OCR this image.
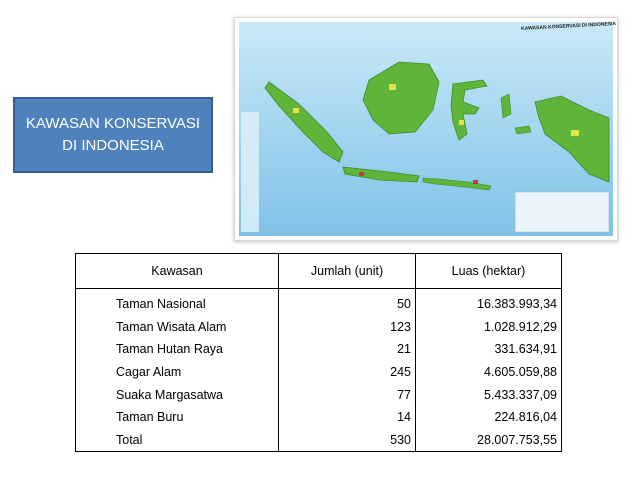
KAWASAN KONSERVASI
DI INDONESIA
KAWASAN KONSERVASI DI INDONESIA
Kawasan	Jumlah (unit)	Luas (hektar)
Taman Nasional	50	16.383.993,34
Taman Wisata Alam	123	1.028.912,29
Taman Hutan Raya	21	331.634,91
Cagar Alam	245	4.605.059,88
Suaka Margasatwa	77	5.433.337,09
Taman Buru	14	224.816,04
Total	530	28.007.753,55
